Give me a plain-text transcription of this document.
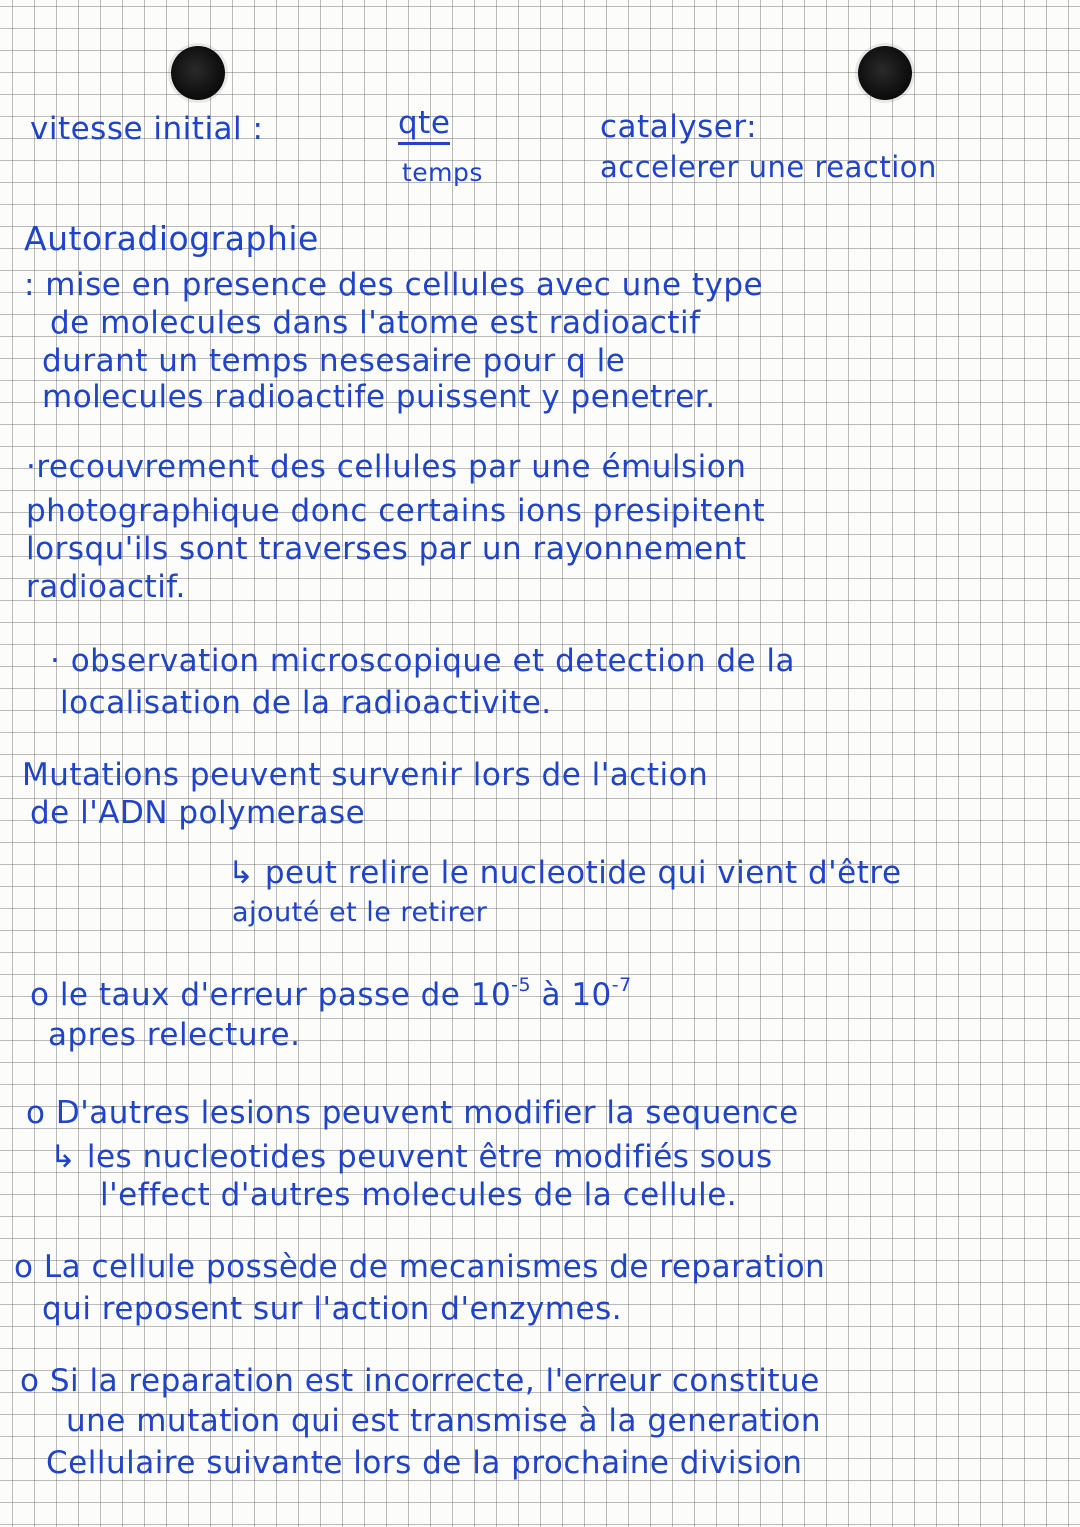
vitesse initial :	qte
temps
catalyser:
accelerer une reaction
Autoradiographie
: mise en presence des cellules avec une type
de molecules dans l'atome est radioactif
durant un temps nesesaire pour q le
molecules radioactife puissent y penetrer.
·recouvrement des cellules par une émulsion
photographique donc certains ions presipitent
lorsqu'ils sont traverses par un rayonnement
radioactif.
· observation microscopique et detection de la
localisation de la radioactivite.
Mutations peuvent survenir lors de l'action
de l'ADN polymerase
↳ peut relire le nucleotide qui vient d'être
ajouté et le retirer
o le taux d'erreur passe de $10^{-5}$ à $10^{-7}$
apres relecture.
o D'autres lesions peuvent modifier la sequence
↳ les nucleotides peuvent être modifiés sous
l'effect d'autres molecules de la cellule.
o La cellule possède de mecanismes de reparation
qui reposent sur l'action d'enzymes.
o Si la reparation est incorrecte, l'erreur constitue
une mutation qui est transmise à la generation
Cellulaire suivante lors de la prochaine division
